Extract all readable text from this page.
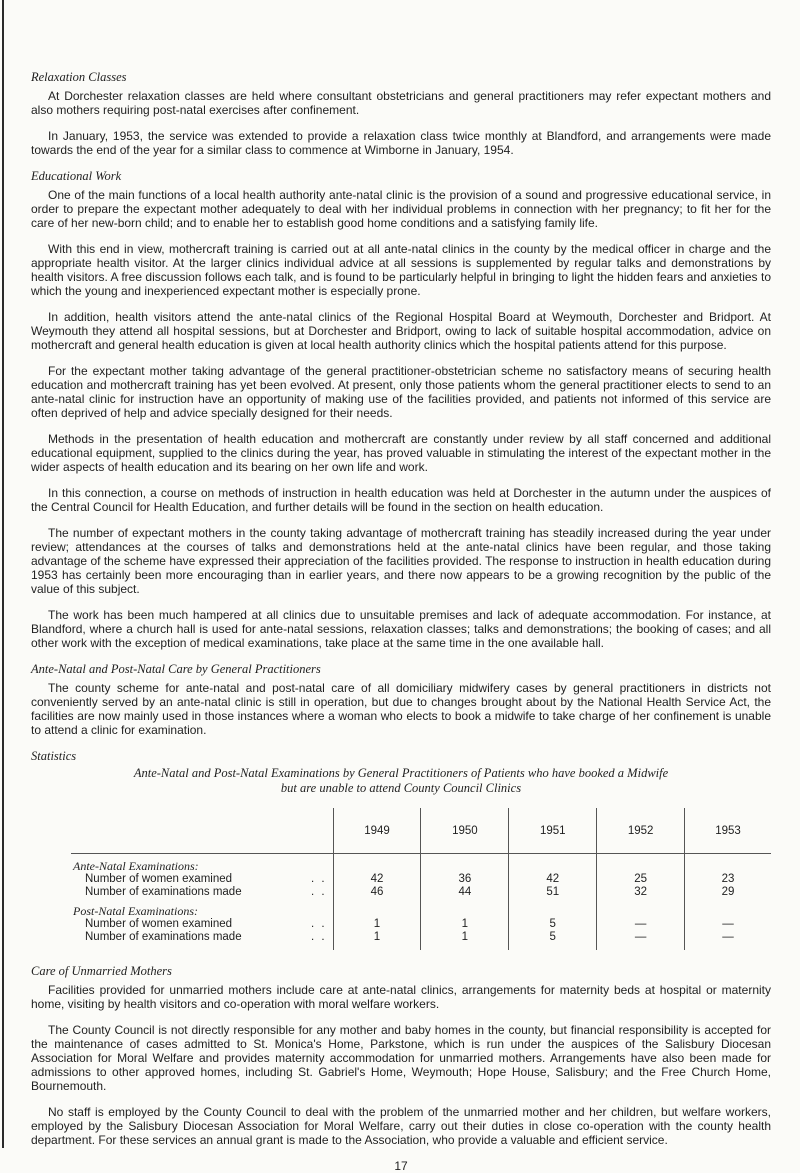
Relaxation Classes

At Dorchester relaxation classes are held where consultant obstetricians and general practitioners may refer expectant mothers and also mothers requiring post-natal exercises after confinement.

In January, 1953, the service was extended to provide a relaxation class twice monthly at Blandford, and arrangements were made towards the end of the year for a similar class to commence at Wimborne in January, 1954.

Educational Work

One of the main functions of a local health authority ante-natal clinic is the provision of a sound and progressive educational service, in order to prepare the expectant mother adequately to deal with her individual problems in connection with her pregnancy; to fit her for the care of her new-born child; and to enable her to establish good home conditions and a satisfying family life.

With this end in view, mothercraft training is carried out at all ante-natal clinics in the county by the medical officer in charge and the appropriate health visitor. At the larger clinics individual advice at all sessions is supplemented by regular talks and demonstrations by health visitors. A free discussion follows each talk, and is found to be particularly helpful in bringing to light the hidden fears and anxieties to which the young and inexperienced expectant mother is especially prone.

In addition, health visitors attend the ante-natal clinics of the Regional Hospital Board at Weymouth, Dorchester and Bridport. At Weymouth they attend all hospital sessions, but at Dorchester and Bridport, owing to lack of suitable hospital accommodation, advice on mothercraft and general health education is given at local health authority clinics which the hospital patients attend for this purpose.

For the expectant mother taking advantage of the general practitioner-obstetrician scheme no satisfactory means of securing health education and mothercraft training has yet been evolved. At present, only those patients whom the general practitioner elects to send to an ante-natal clinic for instruction have an opportunity of making use of the facilities provided, and patients not informed of this service are often deprived of help and advice specially designed for their needs.

Methods in the presentation of health education and mothercraft are constantly under review by all staff concerned and additional educational equipment, supplied to the clinics during the year, has proved valuable in stimulating the interest of the expectant mother in the wider aspects of health education and its bearing on her own life and work.

In this connection, a course on methods of instruction in health education was held at Dorchester in the autumn under the auspices of the Central Council for Health Education, and further details will be found in the section on health education.

The number of expectant mothers in the county taking advantage of mothercraft training has steadily increased during the year under review; attendances at the courses of talks and demonstrations held at the ante-natal clinics have been regular, and those taking advantage of the scheme have expressed their appreciation of the facilities provided. The response to instruction in health education during 1953 has certainly been more encouraging than in earlier years, and there now appears to be a growing recognition by the public of the value of this subject.

The work has been much hampered at all clinics due to unsuitable premises and lack of adequate accommodation. For instance, at Blandford, where a church hall is used for ante-natal sessions, relaxation classes; talks and demonstrations; the booking of cases; and all other work with the exception of medical examinations, take place at the same time in the one available hall.

Ante-Natal and Post-Natal Care by General Practitioners

The county scheme for ante-natal and post-natal care of all domiciliary midwifery cases by general practitioners in districts not conveniently served by an ante-natal clinic is still in operation, but due to changes brought about by the National Health Service Act, the facilities are now mainly used in those instances where a woman who elects to book a midwife to take charge of her confinement is unable to attend a clinic for examination.

Statistics
Ante-Natal and Post-Natal Examinations by General Practitioners of Patients who have booked a Midwife
but are unable to attend County Council Clinics
	1949	1950	1951	1952	1953

Ante-Natal Examinations:					
Number of women examined . .	42	36	42	25	23
Number of examinations made . .	46	44	51	32	29

Post-Natal Examinations:					
Number of women examined . .	1	1	5	—	—
Number of examinations made . .	1	1	5	—	—
Care of Unmarried Mothers

Facilities provided for unmarried mothers include care at ante-natal clinics, arrangements for maternity beds at hospital or maternity home, visiting by health visitors and co-operation with moral welfare workers.

The County Council is not directly responsible for any mother and baby homes in the county, but financial responsibility is accepted for the maintenance of cases admitted to St. Monica's Home, Parkstone, which is run under the auspices of the Salisbury Diocesan Association for Moral Welfare and provides maternity accommodation for unmarried mothers. Arrangements have also been made for admissions to other approved homes, including St. Gabriel's Home, Weymouth; Hope House, Salisbury; and the Free Church Home, Bournemouth.

No staff is employed by the County Council to deal with the problem of the unmarried mother and her children, but welfare workers, employed by the Salisbury Diocesan Association for Moral Welfare, carry out their duties in close co-operation with the county health department. For these services an annual grant is made to the Association, who provide a valuable and efficient service.

17
